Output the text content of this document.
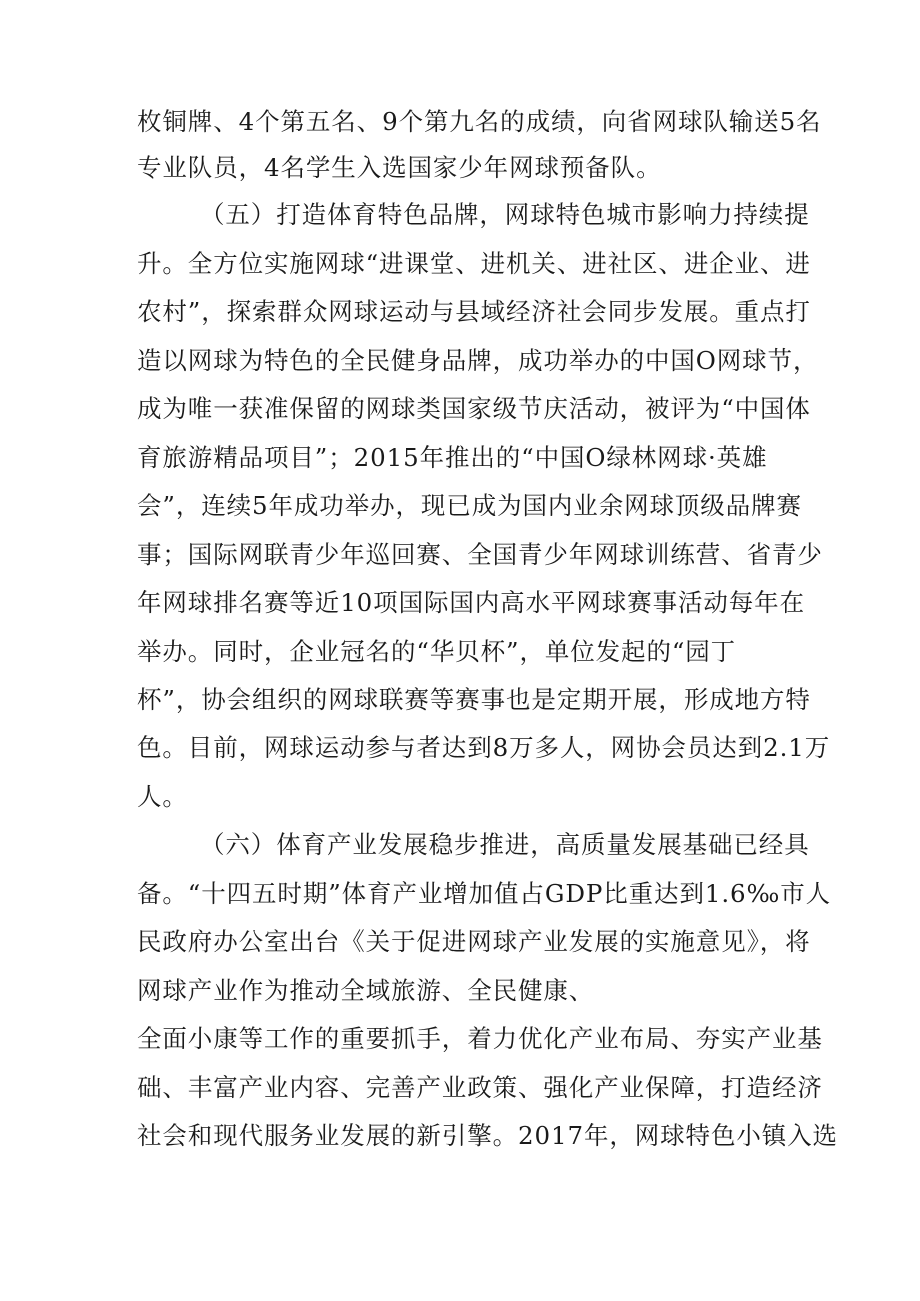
枚铜牌、4个第五名、9个第九名的成绩，向省网球队输送5名
专业队员，4名学生入选国家少年网球预备队。
（五）打造体育特色品牌，网球特色城市影响力持续提
升。全方位实施网球“进课堂、进机关、进社区、进企业、进
农村”，探索群众网球运动与县域经济社会同步发展。重点打
造以网球为特色的全民健身品牌，成功举办的中国O网球节，
成为唯一获准保留的网球类国家级节庆活动，被评为“中国体
育旅游精品项目”；2015年推出的“中国O绿林网球·英雄
会”，连续5年成功举办，现已成为国内业余网球顶级品牌赛
事；国际网联青少年巡回赛、全国青少年网球训练营、省青少
年网球排名赛等近10项国际国内高水平网球赛事活动每年在
举办。同时，企业冠名的“华贝杯”，单位发起的“园丁
杯”，协会组织的网球联赛等赛事也是定期开展，形成地方特
色。目前，网球运动参与者达到8万多人，网协会员达到2.1万
人。
（六）体育产业发展稳步推进，高质量发展基础已经具
备。“十四五时期”体育产业增加值占GDP比重达到1.6‰市人
民政府办公室出台《关于促进网球产业发展的实施意见》，将
网球产业作为推动全域旅游、全民健康、
全面小康等工作的重要抓手，着力优化产业布局、夯实产业基
础、丰富产业内容、完善产业政策、强化产业保障，打造经济
社会和现代服务业发展的新引擎。2017年，网球特色小镇入选
